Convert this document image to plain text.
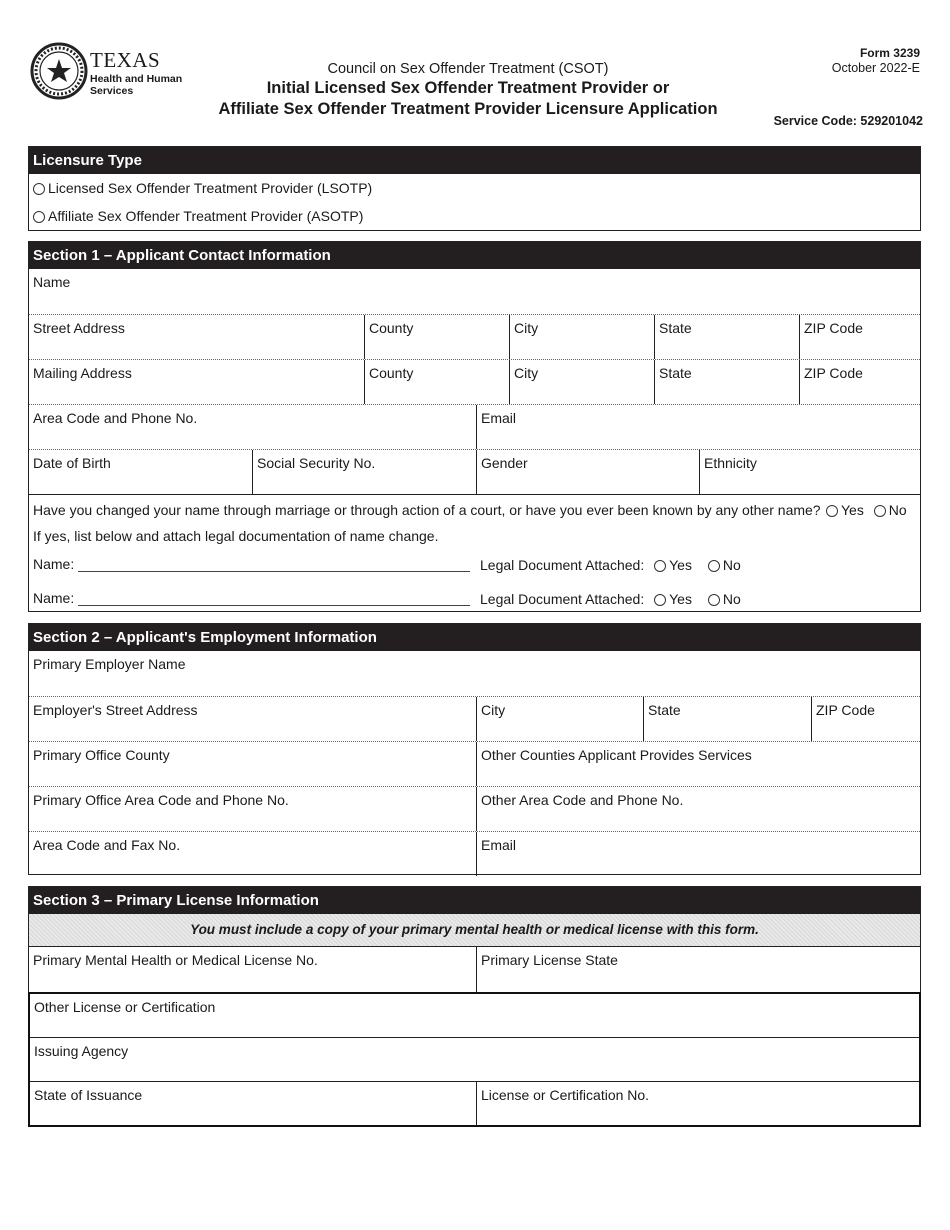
TEXAS
Health and Human
Services
Council on Sex Offender Treatment (CSOT)
Initial Licensed Sex Offender Treatment Provider or
Affiliate Sex Offender Treatment Provider Licensure Application
Form 3239
October 2022-E
Service Code: 529201042
Licensure Type
Licensed Sex Offender Treatment Provider (LSOTP)
Affiliate Sex Offender Treatment Provider (ASOTP)
Section 1 – Applicant Contact Information
Name
Street Address	County	City	State	ZIP Code
Mailing Address	County	City	State	ZIP Code
Area Code and Phone No.	Email
Date of Birth	Social Security No.	Gender	Ethnicity
Have you changed your name through marriage or through action of a court, or have you ever been known by any other name?	Yes No
If yes, list below and attach legal documentation of name change.
Name:	Legal Document Attached: Yes No
Name:	Legal Document Attached: Yes No
Section 2 – Applicant's Employment Information
Primary Employer Name
Employer's Street Address	City	State	ZIP Code
Primary Office County	Other Counties Applicant Provides Services
Primary Office Area Code and Phone No.	Other Area Code and Phone No.
Area Code and Fax No.	Email
Section 3 – Primary License Information
You must include a copy of your primary mental health or medical license with this form.
Primary Mental Health or Medical License No.	Primary License State
Other License or Certification
Issuing Agency
State of Issuance	License or Certification No.
